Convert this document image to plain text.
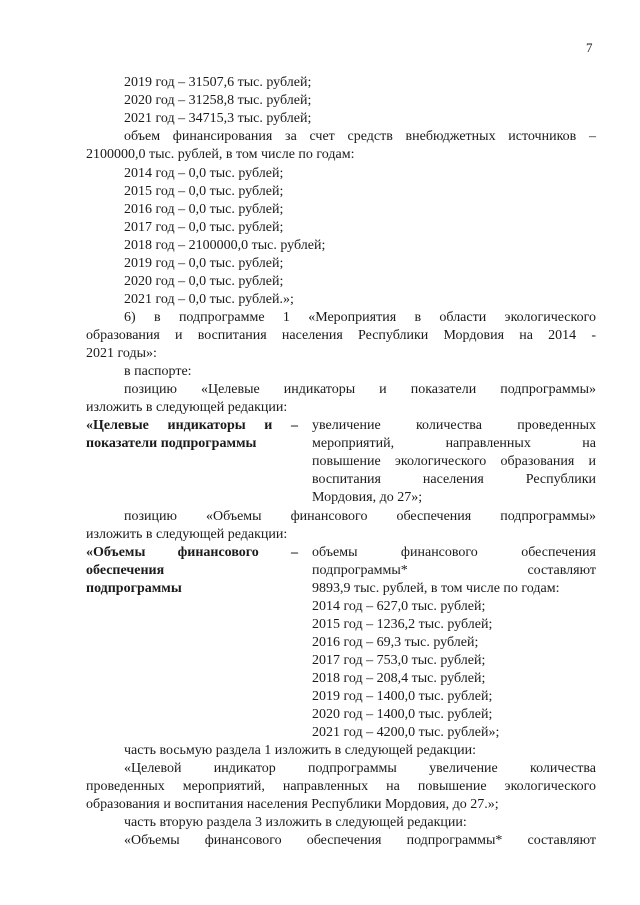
7
2019 год – 31507,6 тыс. рублей;
2020 год – 31258,8 тыс. рублей;
2021 год – 34715,3 тыс. рублей;
объем финансирования за счет средств внебюджетных источников –
2100000,0 тыс. рублей, в том числе по годам:
2014 год – 0,0 тыс. рублей;
2015 год – 0,0 тыс. рублей;
2016 год – 0,0 тыс. рублей;
2017 год – 0,0 тыс. рублей;
2018 год – 2100000,0 тыс. рублей;
2019 год – 0,0 тыс. рублей;
2020 год – 0,0 тыс. рублей;
2021 год – 0,0 тыс. рублей.»;
6) в подпрограмме 1 «Мероприятия в области экологического
образования и воспитания населения Республики Мордовия на 2014 -
2021 годы»:
в паспорте:
позицию «Целевые индикаторы и показатели подпрограммы»
изложить в следующей редакции:
«Целевые индикаторы и –
показатели подпрограммы
увеличение количества проведенных
мероприятий, направленных на
повышение экологического образования и
воспитания населения Республики
Мордовия, до 27»;
позицию «Объемы финансового обеспечения подпрограммы»
изложить в следующей редакции:
«Объемы финансового –
обеспечения
подпрограммы
объемы финансового обеспечения
подпрограммы* составляют
9893,9 тыс. рублей, в том числе по годам:
2014 год – 627,0 тыс. рублей;
2015 год – 1236,2 тыс. рублей;
2016 год – 69,3 тыс. рублей;
2017 год – 753,0 тыс. рублей;
2018 год – 208,4 тыс. рублей;
2019 год – 1400,0 тыс. рублей;
2020 год – 1400,0 тыс. рублей;
2021 год – 4200,0 тыс. рублей»;
часть восьмую раздела 1 изложить в следующей редакции:
«Целевой индикатор подпрограммы увеличение количества
проведенных мероприятий, направленных на повышение экологического
образования и воспитания населения Республики Мордовия, до 27.»;
часть вторую раздела 3 изложить в следующей редакции:
«Объемы финансового обеспечения подпрограммы* составляют
